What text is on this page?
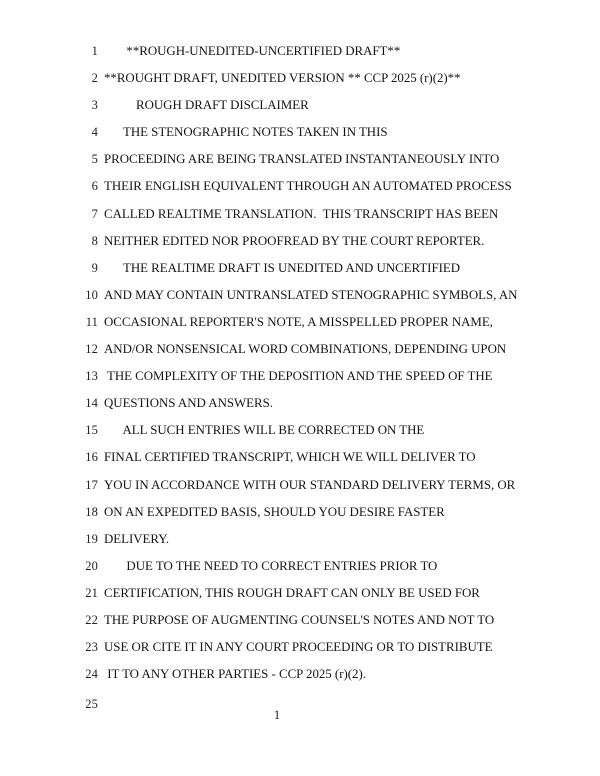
1 **ROUGH-UNEDITED-UNCERTIFIED DRAFT**
2 **ROUGHT DRAFT, UNEDITED VERSION ** CCP 2025 (r)(2)**
3 ROUGH DRAFT DISCLAIMER
4 THE STENOGRAPHIC NOTES TAKEN IN THIS
5 PROCEEDING ARE BEING TRANSLATED INSTANTANEOUSLY INTO
6 THEIR ENGLISH EQUIVALENT THROUGH AN AUTOMATED PROCESS
7 CALLED REALTIME TRANSLATION.  THIS TRANSCRIPT HAS BEEN
8 NEITHER EDITED NOR PROOFREAD BY THE COURT REPORTER.
9 THE REALTIME DRAFT IS UNEDITED AND UNCERTIFIED
10 AND MAY CONTAIN UNTRANSLATED STENOGRAPHIC SYMBOLS, AN
11 OCCASIONAL REPORTER'S NOTE, A MISSPELLED PROPER NAME,
12 AND/OR NONSENSICAL WORD COMBINATIONS, DEPENDING UPON
13 THE COMPLEXITY OF THE DEPOSITION AND THE SPEED OF THE
14 QUESTIONS AND ANSWERS.
15 ALL SUCH ENTRIES WILL BE CORRECTED ON THE
16 FINAL CERTIFIED TRANSCRIPT, WHICH WE WILL DELIVER TO
17 YOU IN ACCORDANCE WITH OUR STANDARD DELIVERY TERMS, OR
18 ON AN EXPEDITED BASIS, SHOULD YOU DESIRE FASTER
19 DELIVERY.
20 DUE TO THE NEED TO CORRECT ENTRIES PRIOR TO
21 CERTIFICATION, THIS ROUGH DRAFT CAN ONLY BE USED FOR
22 THE PURPOSE OF AUGMENTING COUNSEL'S NOTES AND NOT TO
23 USE OR CITE IT IN ANY COURT PROCEEDING OR TO DISTRIBUTE
24 IT TO ANY OTHER PARTIES - CCP 2025 (r)(2).
25
1
